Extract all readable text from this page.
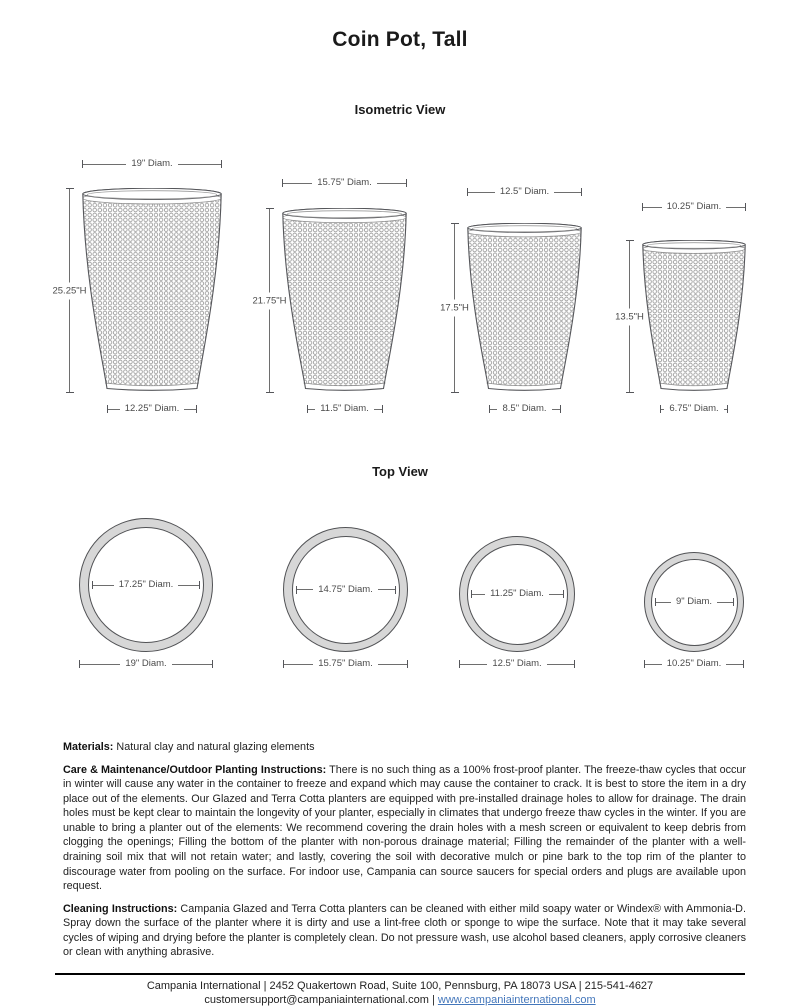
Coin Pot, Tall
Isometric View
19" Diam.
25.25"H
12.25" Diam.
15.75" Diam.
21.75"H
11.5" Diam.
12.5" Diam.
17.5"H
8.5" Diam.
10.25" Diam.
13.5"H
6.75" Diam.
Top View
17.25" Diam.
19" Diam.
14.75" Diam.
15.75" Diam.
11.25" Diam.
12.5" Diam.
9" Diam.
10.25" Diam.

Materials: Natural clay and natural glazing elements

Care & Maintenance/Outdoor Planting Instructions: There is no such thing as a 100% frost-proof planter. The freeze-thaw cycles that occur in winter will cause any water in the container to freeze and expand which may cause the container to crack. It is best to store the item in a dry place out of the elements. Our Glazed and Terra Cotta planters are equipped with pre-installed drainage holes to allow for drainage. The drain holes must be kept clear to maintain the longevity of your planter, especially in climates that undergo freeze thaw cycles in the winter. If you are unable to bring a planter out of the elements: We recommend covering the drain holes with a mesh screen or equivalent to keep debris from clogging the openings; Filling the bottom of the planter with non-porous drainage material; Filling the remainder of the planter with a well-draining soil mix that will not retain water; and lastly, covering the soil with decorative mulch or pine bark to the top rim of the planter to discourage water from pooling on the surface. For indoor use, Campania can source saucers for special orders and plugs are available upon request.

Cleaning Instructions: Campania Glazed and Terra Cotta planters can be cleaned with either mild soapy water or Windex® with Ammonia-D. Spray down the surface of the planter where it is dirty and use a lint-free cloth or sponge to wipe the surface. Note that it may take several cycles of wiping and drying before the planter is completely clean. Do not pressure wash, use alcohol based cleaners, apply corrosive cleaners or clean with anything abrasive.

Campania International | 2452 Quakertown Road, Suite 100, Pennsburg, PA 18073 USA | 215-541-4627
customersupport@campaniainternational.com | www.campaniainternational.com
